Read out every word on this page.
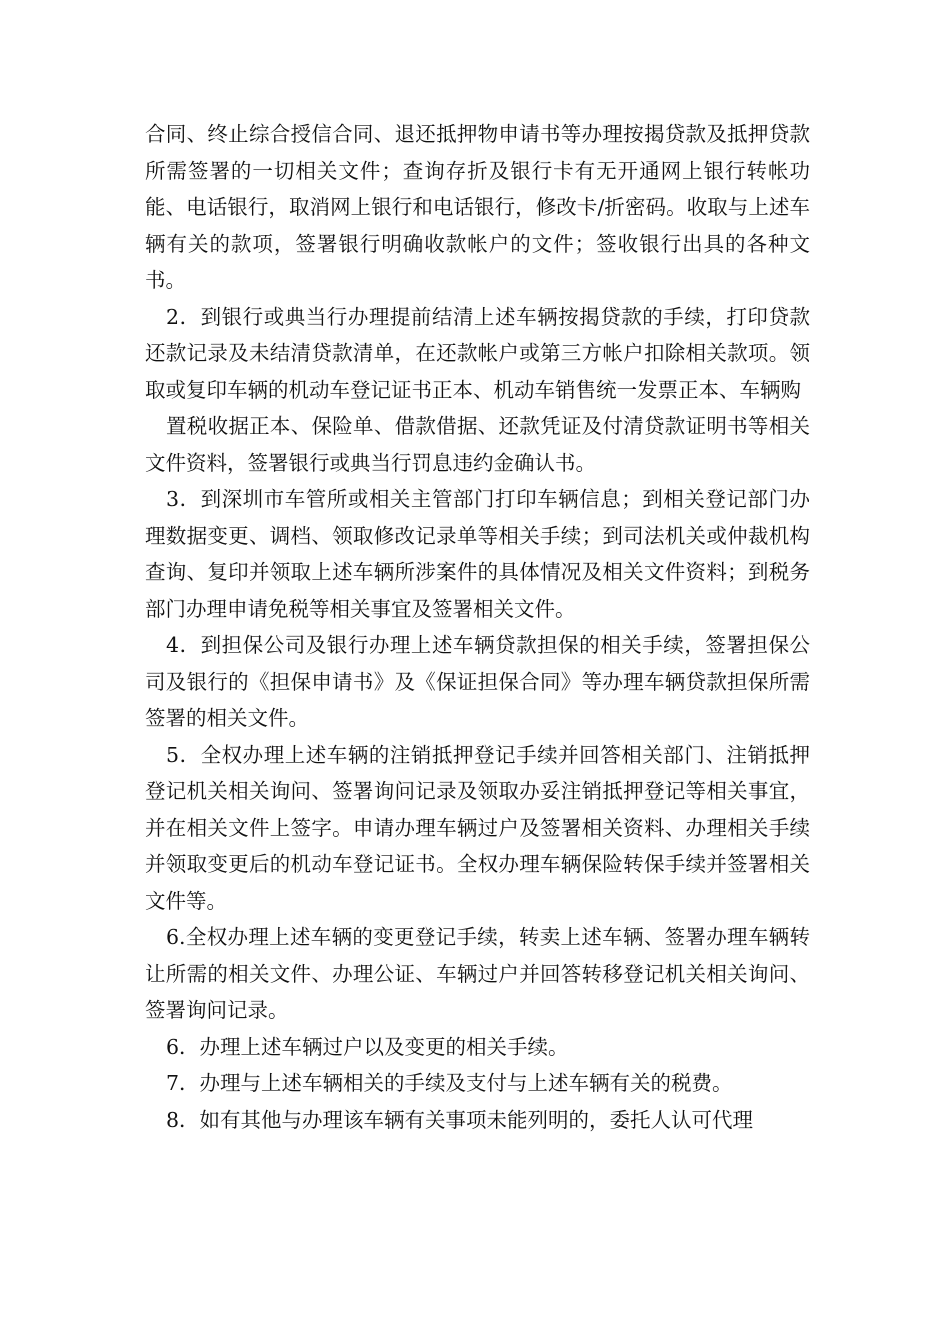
合同、终止综合授信合同、退还抵押物申请书等办理按揭贷款及抵押贷款所需签署的一切相关文件；查询存折及银行卡有无开通网上银行转帐功能、电话银行，取消网上银行和电话银行，修改卡/折密码。收取与上述车辆有关的款项，签署银行明确收款帐户的文件；签收银行出具的各种文书。

2．到银行或典当行办理提前结清上述车辆按揭贷款的手续，打印贷款还款记录及未结清贷款清单，在还款帐户或第三方帐户扣除相关款项。领取或复印车辆的机动车登记证书正本、机动车销售统一发票正本、车辆购

置税收据正本、保险单、借款借据、还款凭证及付清贷款证明书等相关文件资料，签署银行或典当行罚息违约金确认书。

3．到深圳市车管所或相关主管部门打印车辆信息；到相关登记部门办理数据变更、调档、领取修改记录单等相关手续；到司法机关或仲裁机构查询、复印并领取上述车辆所涉案件的具体情况及相关文件资料；到税务部门办理申请免税等相关事宜及签署相关文件。

4．到担保公司及银行办理上述车辆贷款担保的相关手续，签署担保公司及银行的《担保申请书》及《保证担保合同》等办理车辆贷款担保所需签署的相关文件。

5．全权办理上述车辆的注销抵押登记手续并回答相关部门、注销抵押登记机关相关询问、签署询问记录及领取办妥注销抵押登记等相关事宜，并在相关文件上签字。申请办理车辆过户及签署相关资料、办理相关手续并领取变更后的机动车登记证书。全权办理车辆保险转保手续并签署相关文件等。

6.全权办理上述车辆的变更登记手续，转卖上述车辆、签署办理车辆转让所需的相关文件、办理公证、车辆过户并回答转移登记机关相关询问、签署询问记录。

6．办理上述车辆过户以及变更的相关手续。

7．办理与上述车辆相关的手续及支付与上述车辆有关的税费。

8．如有其他与办理该车辆有关事项未能列明的，委托人认可代理
